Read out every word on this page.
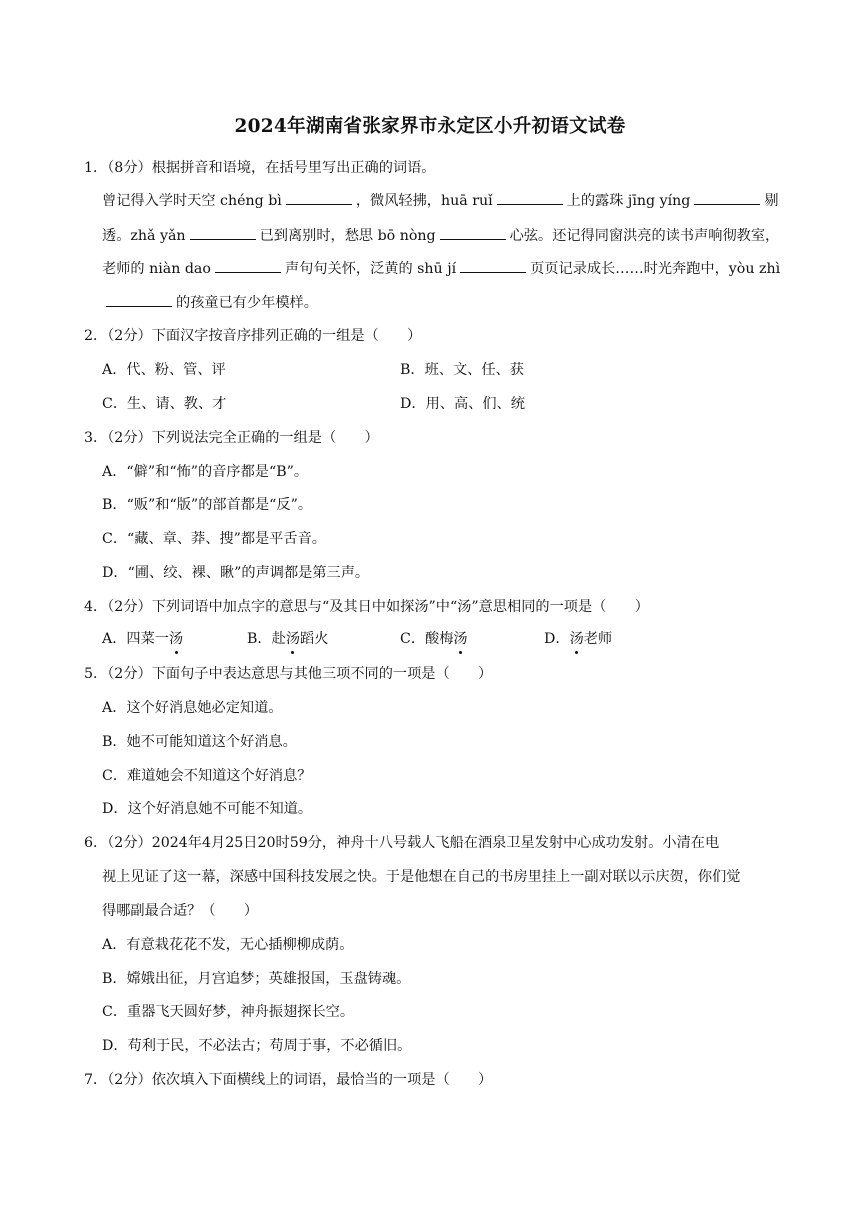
2024年湖南省张家界市永定区小升初语文试卷
1．（8分）根据拼音和语境，在括号里写出正确的词语。
曾记得入学时天空 chéng bì	，微风轻拂，huā ruǐ	上的露珠 jīng yíng	剔
透。zhǎ yǎn	已到离别时，愁思 bō nòng	心弦。还记得同窗洪亮的读书声响彻教室，
老师的 niàn dao	声句句关怀，泛黄的 shū jí	页页记录成长……时光奔跑中，yòu zhì
的孩童已有少年模样。
2．（2分）下面汉字按音序排列正确的一组是（　　）
A．代、粉、管、评	B．班、文、任、获
C．生、请、教、才	D．用、高、们、统
3．（2分）下列说法完全正确的一组是（　　）
A．“僻”和“怖”的音序都是“B”。
B．“贩”和“版”的部首都是“反”。
C．“藏、章、莽、搜”都是平舌音。
D．“圃、绞、裸、瞅”的声调都是第三声。
4．（2分）下列词语中加点字的意思与“及其日中如探汤”中“汤”意思相同的一项是（　　）
A．四菜一汤	B．赴汤蹈火	C．酸梅汤	D．汤老师
5．（2分）下面句子中表达意思与其他三项不同的一项是（　　）
A．这个好消息她必定知道。
B．她不可能知道这个好消息。
C．难道她会不知道这个好消息？
D．这个好消息她不可能不知道。
6．（2分）2024年4月25日20时59分，神舟十八号载人飞船在酒泉卫星发射中心成功发射。小清在电
视上见证了这一幕，深感中国科技发展之快。于是他想在自己的书房里挂上一副对联以示庆贺，你们觉
得哪副最合适？（　　）
A．有意栽花花不发，无心插柳柳成荫。
B．嫦娥出征，月宫追梦；英雄报国，玉盘铸魂。
C．重器飞天圆好梦，神舟振翅探长空。
D．苟利于民，不必法古；苟周于事，不必循旧。
7．（2分）依次填入下面横线上的词语，最恰当的一项是（　　）
